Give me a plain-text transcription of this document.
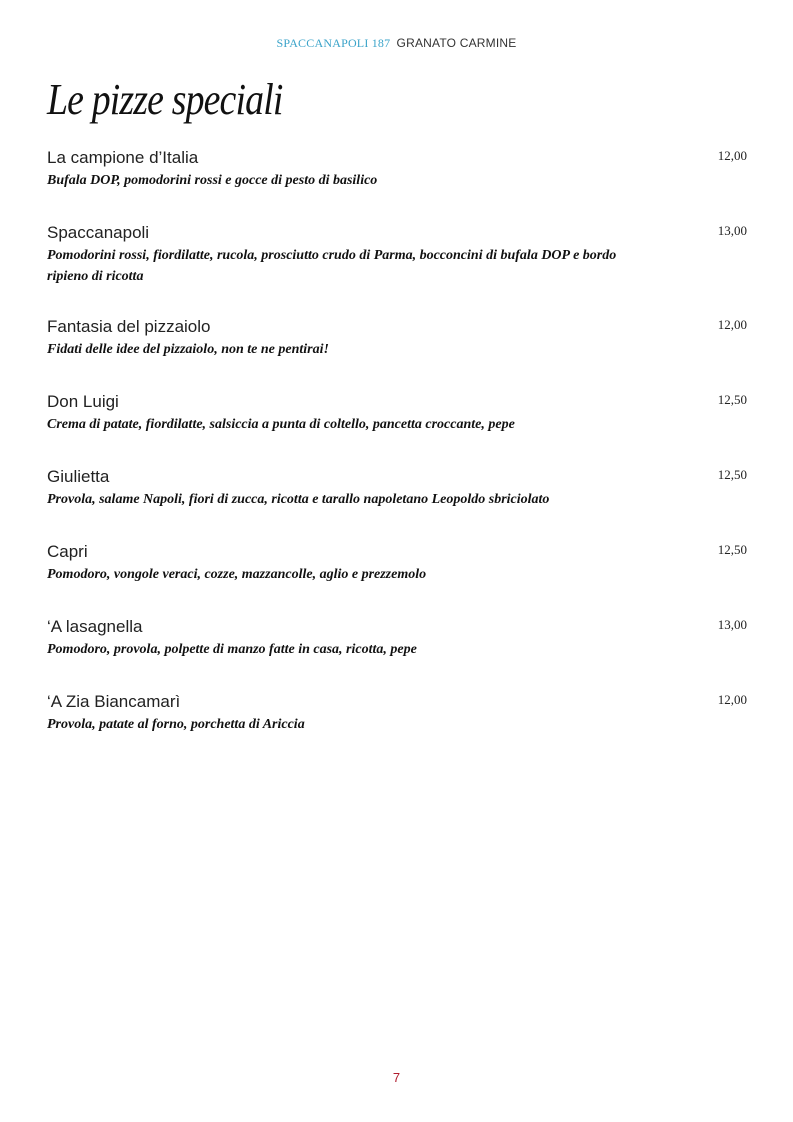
SPACCANAPOLI 187 GRANATO CARMINE
Le pizze speciali
La campione d’Italia
Bufala DOP, pomodorini rossi e gocce di pesto di basilico
12,00
Spaccanapoli
Pomodorini rossi, fiordilatte, rucola, prosciutto crudo di Parma, bocconcini di bufala DOP e bordo ripieno di ricotta
13,00
Fantasia del pizzaiolo
Fidati delle idee del pizzaiolo, non te ne pentirai!
12,00
Don Luigi
Crema di patate, fiordilatte, salsiccia a punta di coltello, pancetta croccante, pepe
12,50
Giulietta
Provola, salame Napoli, fiori di zucca, ricotta e tarallo napoletano Leopoldo sbriciolato
12,50
Capri
Pomodoro, vongole veraci, cozze, mazzancolle, aglio e prezzemolo
12,50
‘A lasagnella
Pomodoro, provola, polpette di manzo fatte in casa, ricotta, pepe
13,00
‘A Zia Biancamarì
Provola, patate al forno, porchetta di Ariccia
12,00
7
